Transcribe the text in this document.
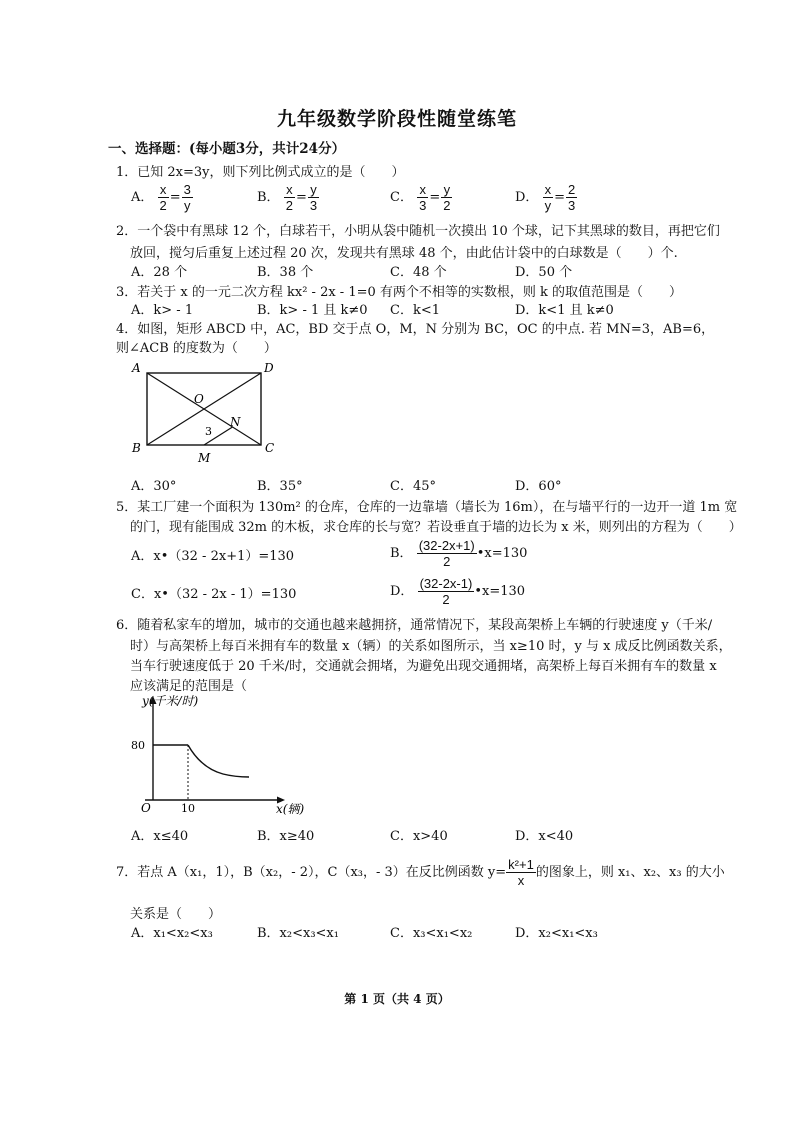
九年级数学阶段性随堂练笔
一、选择题：(每小题3分，共计24分）
1．已知 2x=3y，则下列比例式成立的是（　　）
A． $\frac{x}{2} = \frac{3}{y}$	B． $\frac{x}{2} = \frac{y}{3}$	C． $\frac{x}{3} = \frac{y}{2}$	D． $\frac{x}{y} = \frac{2}{3}$
2．一个袋中有黑球 12 个，白球若干，小明从袋中随机一次摸出 10 个球，记下其黑球的数目，再把它们
放回，搅匀后重复上述过程 20 次，发现共有黑球 48 个，由此估计袋中的白球数是（　　）个.
A．28 个	B．38 个	C．48 个	D．50 个
3．若关于 x 的一元二次方程 kx² - 2x - 1=0 有两个不相等的实数根，则 k 的取值范围是（　　）
A．k> - 1	B．k> - 1 且 k≠0 C．k<1	D．k<1 且 k≠0
4．如图，矩形 ABCD 中，AC，BD 交于点 O，M，N 分别为 BC，OC 的中点. 若 MN=3，AB=6，
则∠ACB 的度数为（　　）
A	D
B	C
O
N
M
3
A．30°	B．35°	C．45°	D．60°
5．某工厂建一个面积为 130m² 的仓库，仓库的一边靠墙（墙长为 16m），在与墙平行的一边开一道 1m 宽
的门，现有能围成 32m 的木板，求仓库的长与宽？若设垂直于墙的边长为 x 米，则列出的方程为（　　）
A．x•（32 - 2x+1）=130	B． $\frac{(32-2x+1)}{2}$ •x=130
C．x•（32 - 2x - 1）=130	D． $\frac{(32-2x-1)}{2}$ •x=130
6．随着私家车的增加，城市的交通也越来越拥挤，通常情况下，某段高架桥上车辆的行驶速度 y（千米/
时）与高架桥上每百米拥有车的数量 x（辆）的关系如图所示，当 x≥10 时，y 与 x 成反比例函数关系，
当车行驶速度低于 20 千米/时，交通就会拥堵，为避免出现交通拥堵，高架桥上每百米拥有车的数量 x
应该满足的范围是（
y(千米/时)
80
O	10	x(辆)
A．x≤40	B．x≥40	C．x>40	D．x<40
7．若点 A（x₁，1），B（x₂，- 2），C（x₃，- 3）在反比例函数 $y= \frac{\text{k²+1}}{x}$ 的图象上，则 x₁、x₂、x₃ 的大小
关系是（　　）
A．x₁<x₂<x₃	B．x₂<x₃<x₁	C．x₃<x₁<x₂	D．x₂<x₁<x₃
第 1 页（共 4 页）
